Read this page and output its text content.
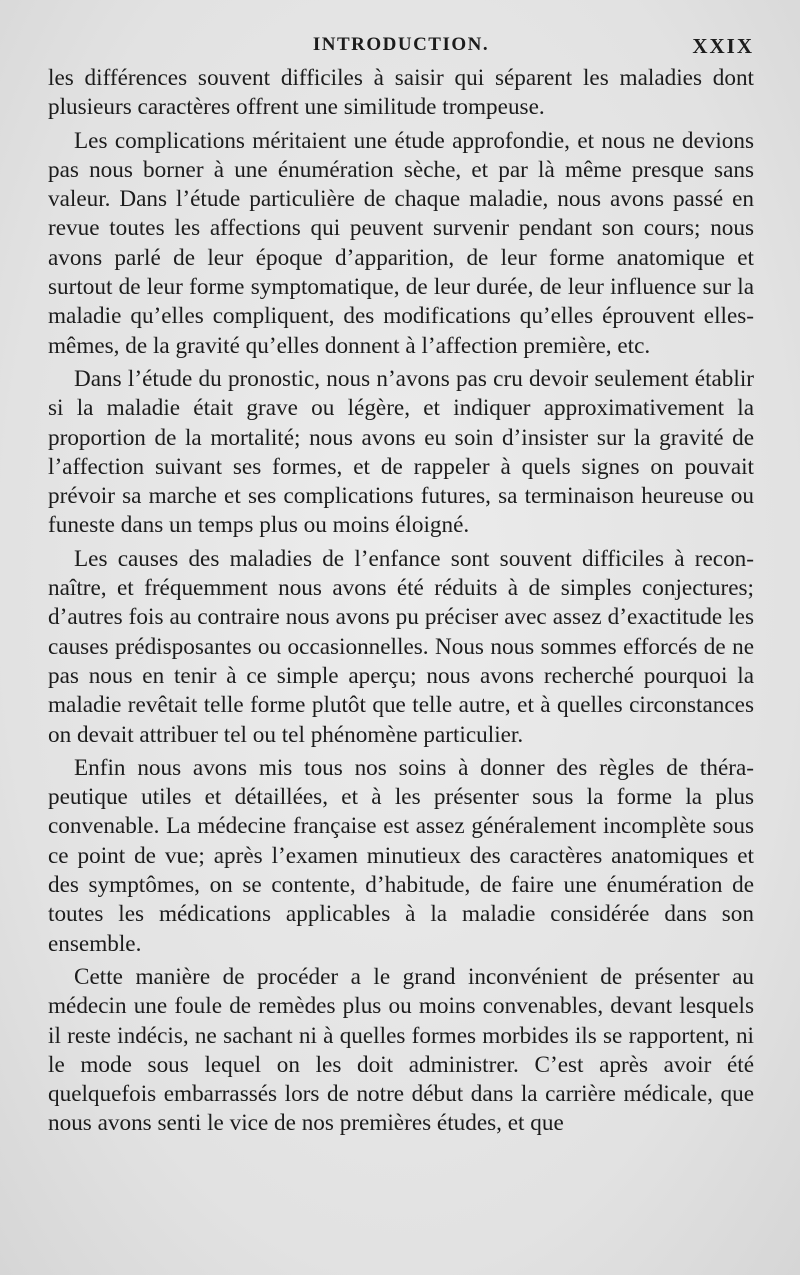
INTRODUCTION.	XXIX

les différences souvent difficiles à saisir qui séparent les maladies dont plusieurs caractères offrent une similitude trompeuse.

Les complications méritaient une étude approfondie, et nous ne devions pas nous borner à une énumération sèche, et par là même presque sans valeur. Dans l’étude particulière de chaque maladie, nous avons passé en revue toutes les affections qui peuvent survenir pendant son cours; nous avons parlé de leur époque d’apparition, de leur forme anatomique et surtout de leur forme symptomatique, de leur durée, de leur influence sur la maladie qu’elles compliquent, des modifications qu’elles éprouvent elles-mêmes, de la gravité qu’elles donnent à l’affection première, etc.

Dans l’étude du pronostic, nous n’avons pas cru devoir seulement établir si la maladie était grave ou légère, et indiquer approximativement la proportion de la mortalité; nous avons eu soin d’insister sur la gravité de l’affection suivant ses formes, et de rappeler à quels signes on pouvait prévoir sa marche et ses complications futures, sa terminaison heureuse ou funeste dans un temps plus ou moins éloigné.

Les causes des maladies de l’enfance sont souvent difficiles à reconnaître, et fréquemment nous avons été réduits à de simples conjectures; d’autres fois au contraire nous avons pu préciser avec assez d’exactitude les causes prédisposantes ou occasionnelles. Nous nous sommes efforcés de ne pas nous en tenir à ce simple aperçu; nous avons recherché pourquoi la maladie revêtait telle forme plutôt que telle autre, et à quelles circonstances on devait attribuer tel ou tel phénomène particulier.

Enfin nous avons mis tous nos soins à donner des règles de thérapeutique utiles et détaillées, et à les présenter sous la forme la plus convenable. La médecine française est assez généralement incomplète sous ce point de vue; après l’examen minutieux des caractères anatomiques et des symptômes, on se contente, d’habitude, de faire une énumération de toutes les médications applicables à la maladie considérée dans son ensemble.

Cette manière de procéder a le grand inconvénient de présenter au médecin une foule de remèdes plus ou moins convenables, devant lesquels il reste indécis, ne sachant ni à quelles formes morbides ils se rapportent, ni le mode sous lequel on les doit administrer. C’est après avoir été quelquefois embarrassés lors de notre début dans la carrière médicale, que nous avons senti le vice de nos premières études, et que
